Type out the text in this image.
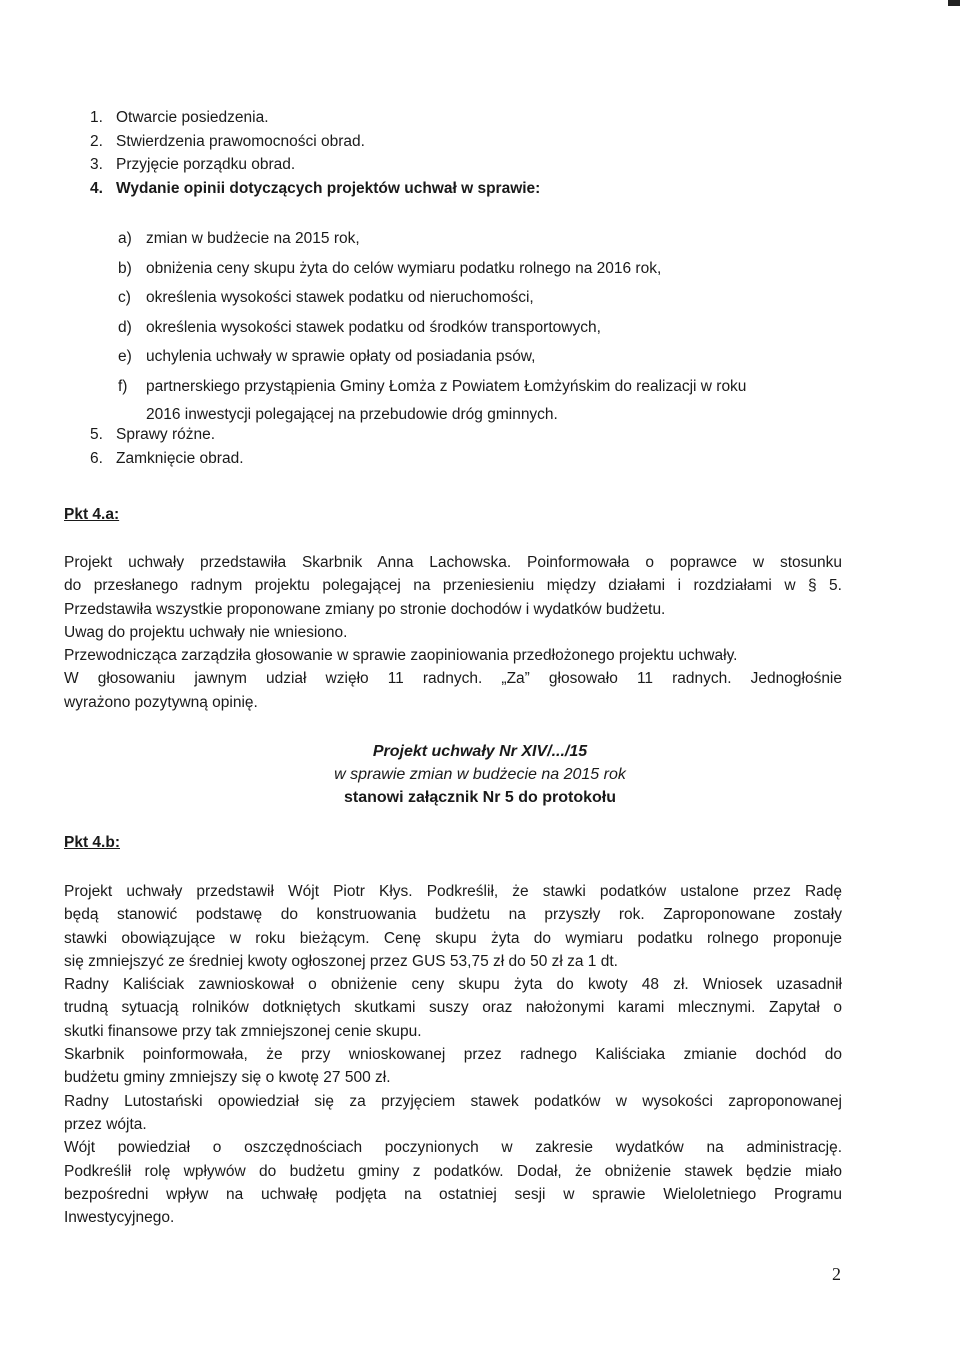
1. Otwarcie posiedzenia.
2. Stwierdzenia prawomocności obrad.
3. Przyjęcie porządku obrad.
4. Wydanie opinii dotyczących projektów uchwał w sprawie:
a) zmian w budżecie na 2015 rok,
b) obniżenia ceny skupu żyta do celów wymiaru podatku rolnego na 2016 rok,
c) określenia wysokości stawek podatku od nieruchomości,
d) określenia wysokości stawek podatku od środków transportowych,
e) uchylenia uchwały w sprawie opłaty od posiadania psów,
f) partnerskiego przystąpienia Gminy Łomża z Powiatem Łomżyńskim do realizacji w roku
2016 inwestycji polegającej na przebudowie dróg gminnych.
5. Sprawy różne.
6. Zamknięcie obrad.
Pkt 4.a:
Projekt uchwały przedstawiła Skarbnik Anna Lachowska. Poinformowała o poprawce w stosunku
do przesłanego radnym projektu polegającej na przeniesieniu między działami i rozdziałami w § 5.
Przedstawiła wszystkie proponowane zmiany po stronie dochodów i wydatków budżetu.
Uwag do projektu uchwały nie wniesiono.
Przewodnicząca zarządziła głosowanie w sprawie zaopiniowania przedłożonego projektu uchwały.
W głosowaniu jawnym udział wzięło 11 radnych. „Za” głosowało 11 radnych. Jednogłośnie
wyrażono pozytywną opinię.
Projekt uchwały Nr XIV/.../15
w sprawie zmian w budżecie na 2015 rok
stanowi załącznik Nr 5 do protokołu
Pkt 4.b:
Projekt uchwały przedstawił Wójt Piotr Kłys. Podkreślił, że stawki podatków ustalone przez Radę
będą stanowić podstawę do konstruowania budżetu na przyszły rok. Zaproponowane zostały
stawki obowiązujące w roku bieżącym. Cenę skupu żyta do wymiaru podatku rolnego proponuje
się zmniejszyć ze średniej kwoty ogłoszonej przez GUS 53,75 zł do 50 zł za 1 dt.
Radny Kaliściak zawnioskował o obniżenie ceny skupu żyta do kwoty 48 zł. Wniosek uzasadnił
trudną sytuacją rolników dotkniętych skutkami suszy oraz nałożonymi karami mlecznymi. Zapytał o
skutki finansowe przy tak zmniejszonej cenie skupu.
Skarbnik poinformowała, że przy wnioskowanej przez radnego Kaliściaka zmianie dochód do
budżetu gminy zmniejszy się o kwotę 27 500 zł.
Radny Lutostański opowiedział się za przyjęciem stawek podatków w wysokości zaproponowanej
przez wójta.
Wójt powiedział o oszczędnościach poczynionych w zakresie wydatków na administrację.
Podkreślił rolę wpływów do budżetu gminy z podatków. Dodał, że obniżenie stawek będzie miało
bezpośredni wpływ na uchwałę podjęta na ostatniej sesji w sprawie Wieloletniego Programu
Inwestycyjnego.
2
